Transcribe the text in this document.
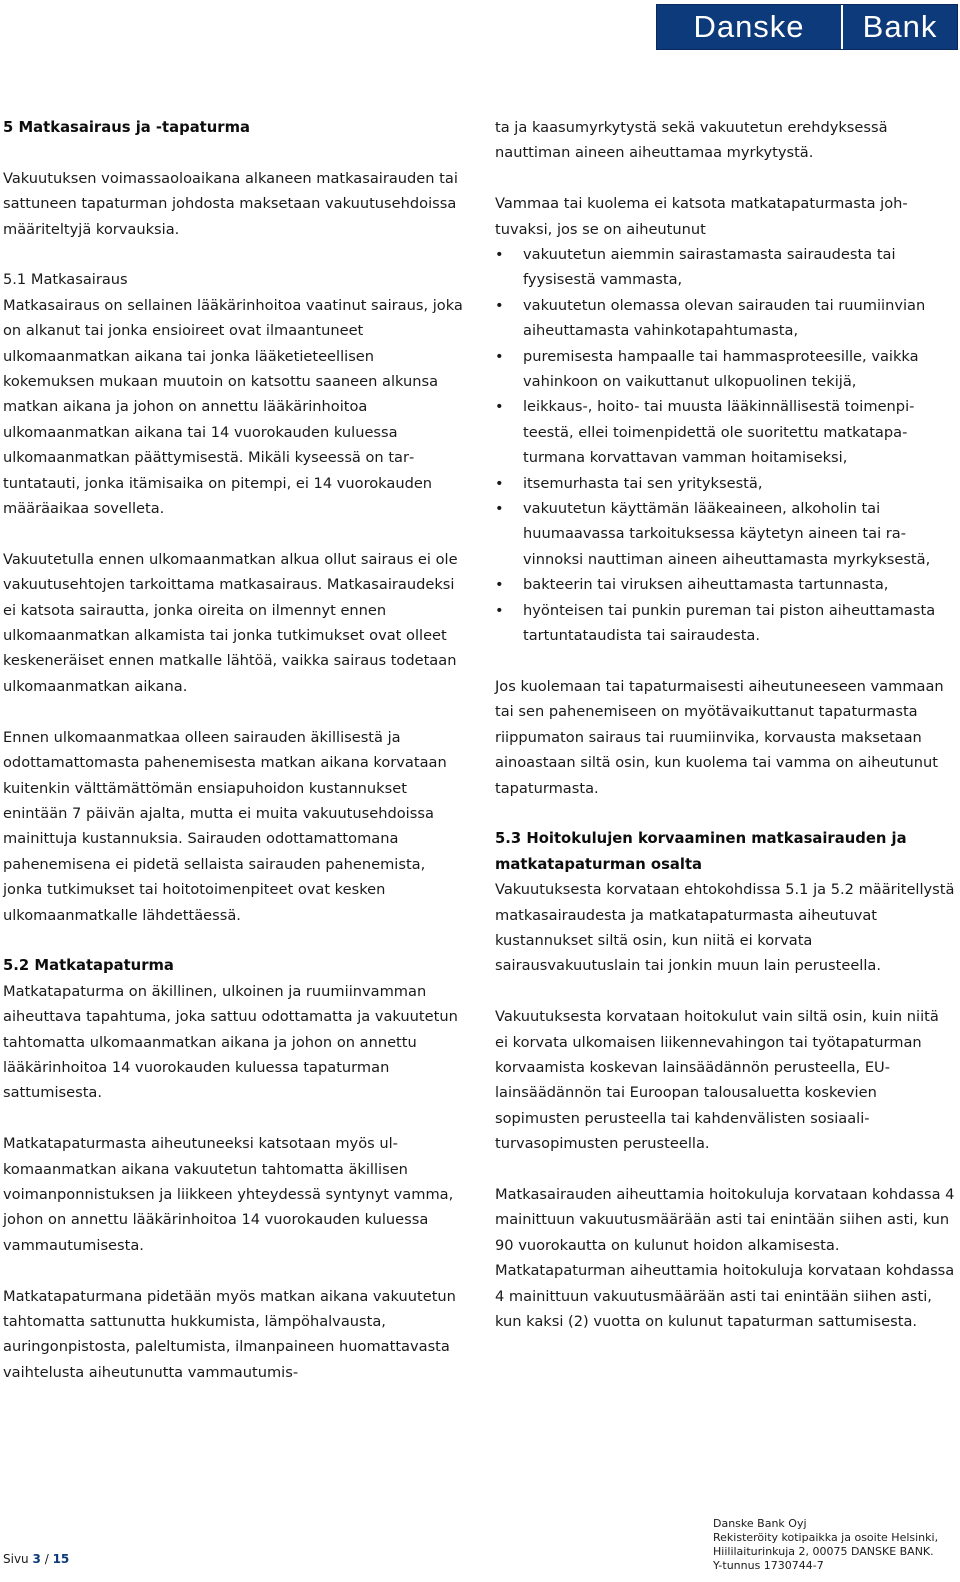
Danske	Bank
5 Matkasairaus ja -tapaturma

Vakuutuksen voimassaoloaikana alkaneen matkasairauden tai sattuneen tapaturman johdosta maksetaan vakuutusehdoissa määriteltyjä korvauksia.

5.1 Matkasairaus

Matkasairaus on sellainen lääkärinhoitoa vaatinut sairaus, joka on alkanut tai jonka ensioireet ovat ilmaantuneet ulkomaanmatkan aikana tai jonka lääketieteellisen kokemuksen mukaan muutoin on katsottu saaneen alkunsa matkan aikana ja johon on annettu lääkärinhoitoa ulkomaanmatkan aikana tai 14 vuorokauden kuluessa ulkomaanmatkan päättymisestä. Mikäli kyseessä on tartuntatauti, jonka itämisaika on pitempi, ei 14 vuorokauden määräaikaa sovelleta.

Vakuutetulla ennen ulkomaanmatkan alkua ollut sairaus ei ole vakuutusehtojen tarkoittama matkasairaus. Matkasairaudeksi ei katsota sairautta, jonka oireita on ilmennyt ennen ulkomaanmatkan alkamista tai jonka tutkimukset ovat olleet keskeneräiset ennen matkalle lähtöä, vaikka sairaus todetaan ulkomaanmatkan aikana.

Ennen ulkomaanmatkaa olleen sairauden äkillisestä ja odottamattomasta pahenemisesta matkan aikana korvataan kuitenkin välttämättömän ensiapuhoidon kustannukset enintään 7 päivän ajalta, mutta ei muita vakuutusehdoissa mainittuja kustannuksia. Sairauden odottamattomana pahenemisena ei pidetä sellaista sairauden pahenemista, jonka tutkimukset tai hoitotoimenpiteet ovat kesken ulkomaanmatkalle lähdettäessä.

5.2 Matkatapaturma

Matkatapaturma on äkillinen, ulkoinen ja ruumiinvamman aiheuttava tapahtuma, joka sattuu odottamatta ja vakuutetun tahtomatta ulkomaanmatkan aikana ja johon on annettu lääkärinhoitoa 14 vuorokauden kuluessa tapaturman sattumisesta.

Matkatapaturmasta aiheutuneeksi katsotaan myös ulkomaanmatkan aikana vakuutetun tahtomatta äkillisen voimanponnistuksen ja liikkeen yhteydessä syntynyt vamma, johon on annettu lääkärinhoitoa 14 vuorokauden kuluessa vammautumisesta.

Matkatapaturmana pidetään myös matkan aikana vakuutetun tahtomatta sattunutta hukkumista, lämpöhalvausta, auringonpistosta, paleltumista, ilmanpaineen huomattavasta vaihtelusta aiheutunutta vammautumis-

ta ja kaasumyrkytystä sekä vakuutetun erehdyksessä nauttiman aineen aiheuttamaa myrkytystä.

Vammaa tai kuolema ei katsota matkatapaturmasta johtuvaksi, jos se on aiheutunut

• vakuutetun aiemmin sairastamasta sairaudesta tai fyysisestä vammasta,
• vakuutetun olemassa olevan sairauden tai ruumiinvian aiheuttamasta vahinkotapahtumasta,
• puremisesta hampaalle tai hammasproteesille, vaikka vahinkoon on vaikuttanut ulkopuolinen tekijä,
• leikkaus-, hoito- tai muusta lääkinnällisestä toimenpiteestä, ellei toimenpidettä ole suoritettu matkatapaturmana korvattavan vamman hoitamiseksi,
• itsemurhasta tai sen yrityksestä,
• vakuutetun käyttämän lääkeaineen, alkoholin tai huumaavassa tarkoituksessa käytetyn aineen tai ravinnoksi nauttiman aineen aiheuttamasta myrkyksestä,
• bakteerin tai viruksen aiheuttamasta tartunnasta,
• hyönteisen tai punkin pureman tai piston aiheuttamasta tartuntataudista tai sairaudesta.

Jos kuolemaan tai tapaturmaisesti aiheutuneeseen vammaan tai sen pahenemiseen on myötävaikuttanut tapaturmasta riippumaton sairaus tai ruumiinvika, korvausta maksetaan ainoastaan siltä osin, kun kuolema tai vamma on aiheutunut tapaturmasta.

5.3 Hoitokulujen korvaaminen matkasairauden ja matkatapaturman osalta

Vakuutuksesta korvataan ehtokohdissa 5.1 ja 5.2 määritellystä matkasairaudesta ja matkatapaturmasta aiheutuvat kustannukset siltä osin, kun niitä ei korvata sairausvakuutuslain tai jonkin muun lain perusteella.

Vakuutuksesta korvataan hoitokulut vain siltä osin, kuin niitä ei korvata ulkomaisen liikennevahingon tai työtapaturman korvaamista koskevan lainsäädännön perusteella, EU-lainsäädännön tai Euroopan talousaluetta koskevien sopimusten perusteella tai kahdenvälisten sosiaaliturvasopimusten perusteella.

Matkasairauden aiheuttamia hoitokuluja korvataan kohdassa 4 mainittuun vakuutusmäärään asti tai enintään siihen asti, kun 90 vuorokautta on kulunut hoidon alkamisesta. Matkatapaturman aiheuttamia hoitokuluja korvataan kohdassa 4 mainittuun vakuutusmäärään asti tai enintään siihen asti, kun kaksi (2) vuotta on kulunut tapaturman sattumisesta.

Sivu 3 / 15
Danske Bank Oyj
Rekisteröity kotipaikka ja osoite Helsinki,
Hiililaiturinkuja 2, 00075 DANSKE BANK.
Y-tunnus 1730744-7
